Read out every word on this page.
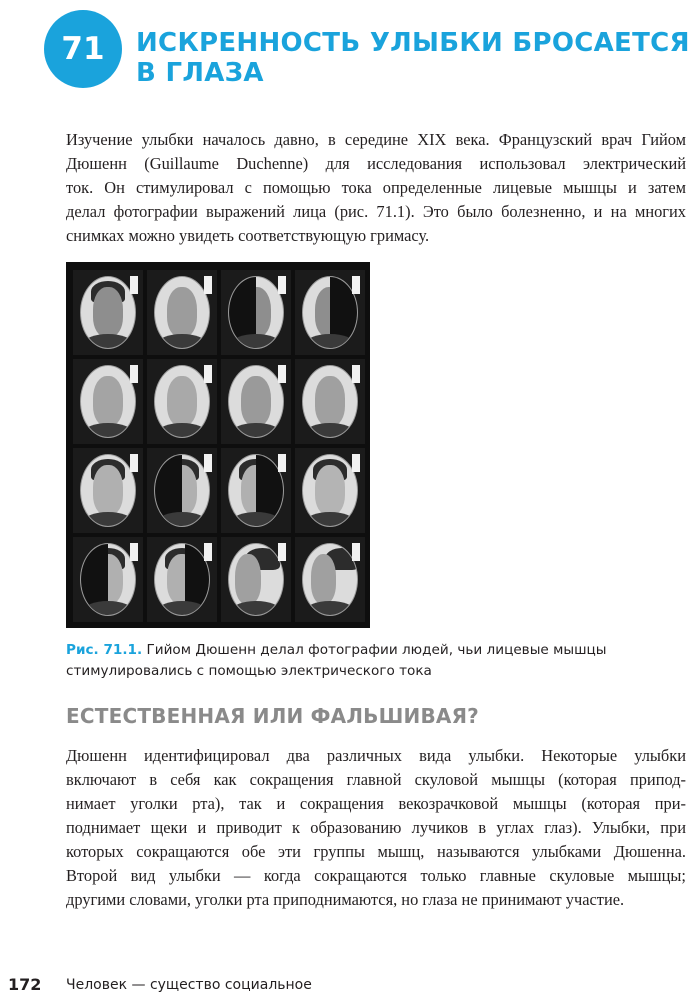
71 ИСКРЕННОСТЬ УЛЫБКИ БРОСАЕТСЯ
В ГЛАЗА
Изучение улыбки началось давно, в середине XIX века. Французский врач Гийом
Дюшенн (Guillaume Duchenne) для исследования использовал электрический
ток. Он стимулировал с помощью тока определенные лицевые мышцы и затем
делал фотографии выражений лица (рис. 71.1). Это было болезненно, и на многих
снимках можно увидеть соответствующую гримасу.
Рис. 71.1. Гийом Дюшенн делал фотографии людей, чьи лицевые мышцы
стимулировались с помощью электрического тока
ЕСТЕСТВЕННАЯ ИЛИ ФАЛЬШИВАЯ?
Дюшенн идентифицировал два различных вида улыбки. Некоторые улыбки
включают в себя как сокращения главной скуловой мышцы (которая припод-
нимает уголки рта), так и сокращения векозрачковой мышцы (которая при-
поднимает щеки и приводит к образованию лучиков в углах глаз). Улыбки, при
которых сокращаются обе эти группы мышц, называются улыбками Дюшенна.
Второй вид улыбки — когда сокращаются только главные скуловые мышцы;
другими словами, уголки рта приподнимаются, но глаза не принимают участие.
172 Человек — существо социальное
